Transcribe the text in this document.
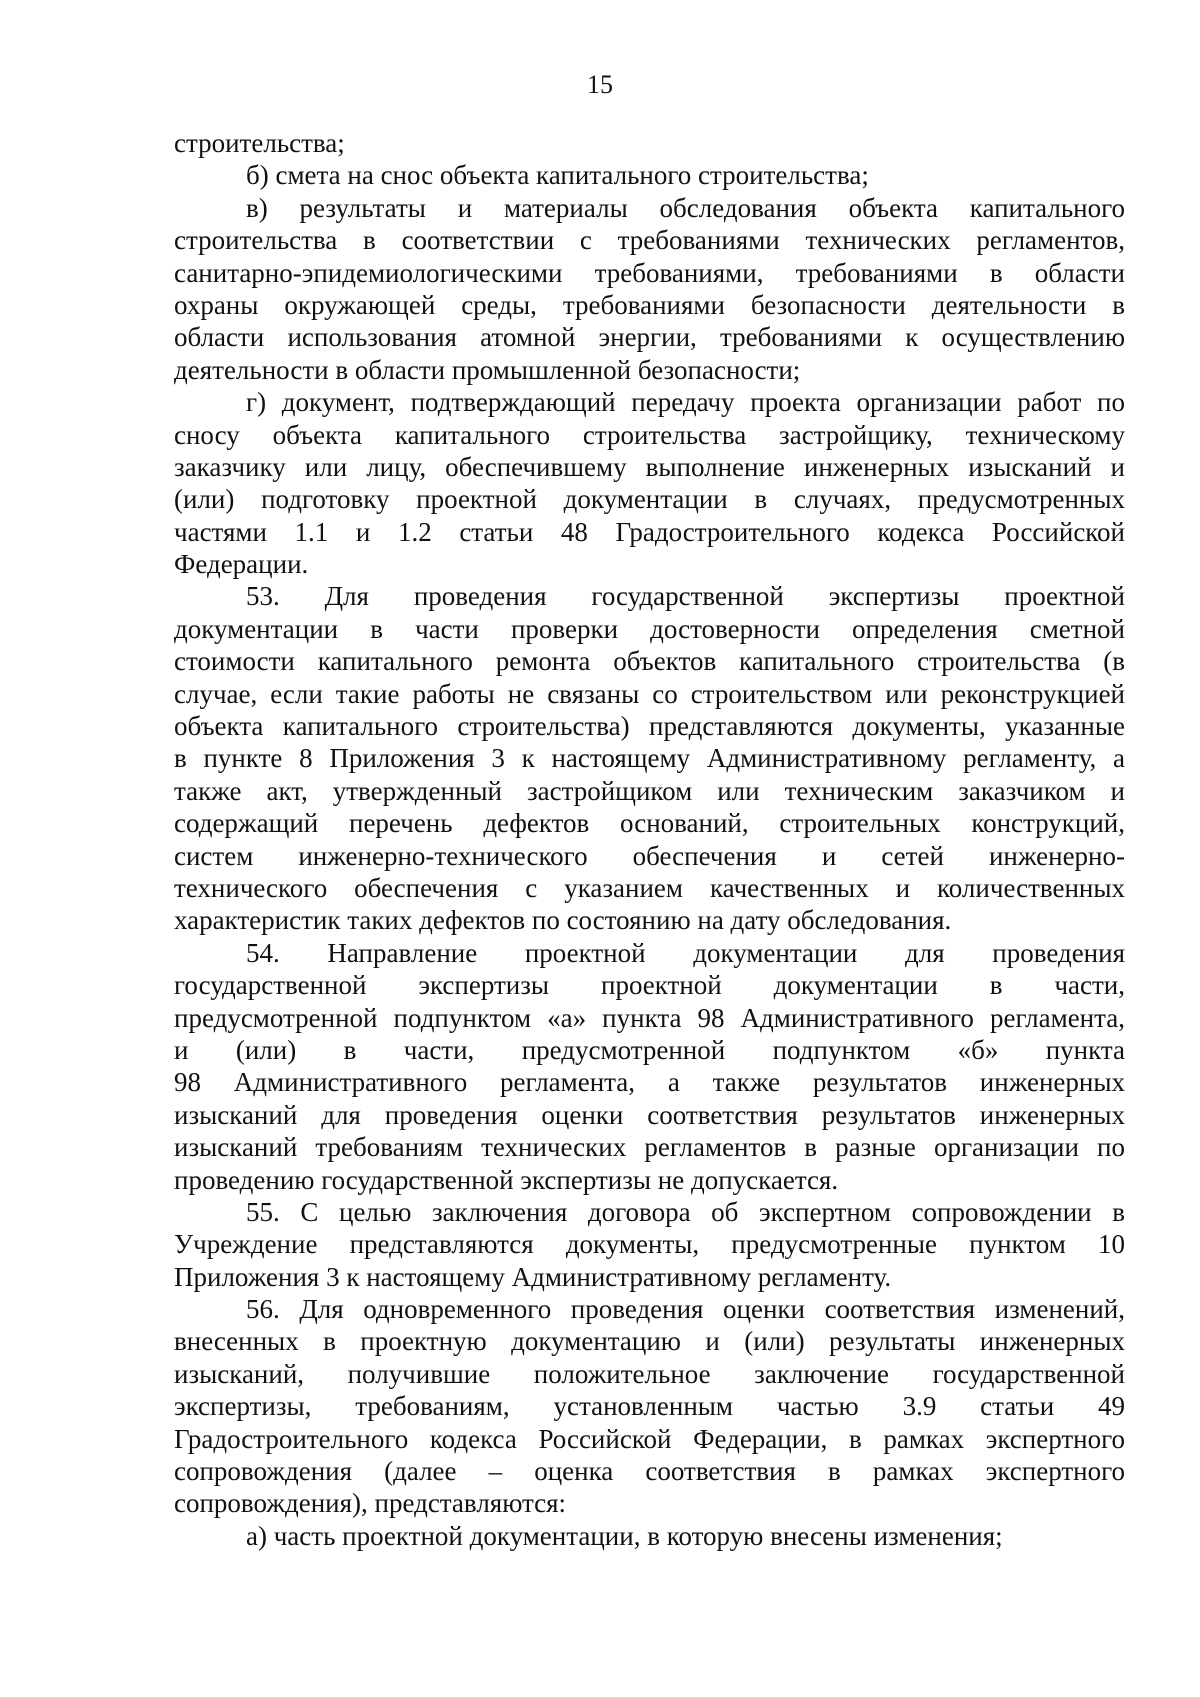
15
строительства;
б) смета на снос объекта капитального строительства;
в) результаты и материалы обследования объекта капитального
строительства в соответствии с требованиями технических регламентов,
санитарно-эпидемиологическими требованиями, требованиями в области
охраны окружающей среды, требованиями безопасности деятельности в
области использования атомной энергии, требованиями к осуществлению
деятельности в области промышленной безопасности;
г) документ, подтверждающий передачу проекта организации работ по
сносу объекта капитального строительства застройщику, техническому
заказчику или лицу, обеспечившему выполнение инженерных изысканий и
(или) подготовку проектной документации в случаях, предусмотренных
частями 1.1 и 1.2 статьи 48 Градостроительного кодекса Российской
Федерации.
53. Для проведения государственной экспертизы проектной
документации в части проверки достоверности определения сметной
стоимости капитального ремонта объектов капитального строительства (в
случае, если такие работы не связаны со строительством или реконструкцией
объекта капитального строительства) представляются документы, указанные
в пункте 8 Приложения 3 к настоящему Административному регламенту, а
также акт, утвержденный застройщиком или техническим заказчиком и
содержащий перечень дефектов оснований, строительных конструкций,
систем инженерно-технического обеспечения и сетей инженерно-
технического обеспечения с указанием качественных и количественных
характеристик таких дефектов по состоянию на дату обследования.
54. Направление проектной документации для проведения
государственной экспертизы проектной документации в части,
предусмотренной подпунктом «а» пункта 98 Административного регламента,
и (или) в части, предусмотренной подпунктом «б» пункта
98 Административного регламента, а также результатов инженерных
изысканий для проведения оценки соответствия результатов инженерных
изысканий требованиям технических регламентов в разные организации по
проведению государственной экспертизы не допускается.
55. С целью заключения договора об экспертном сопровождении в
Учреждение представляются документы, предусмотренные пунктом 10
Приложения 3 к настоящему Административному регламенту.
56. Для одновременного проведения оценки соответствия изменений,
внесенных в проектную документацию и (или) результаты инженерных
изысканий, получившие положительное заключение государственной
экспертизы, требованиям, установленным частью 3.9 статьи 49
Градостроительного кодекса Российской Федерации, в рамках экспертного
сопровождения (далее – оценка соответствия в рамках экспертного
сопровождения), представляются:
а) часть проектной документации, в которую внесены изменения;
